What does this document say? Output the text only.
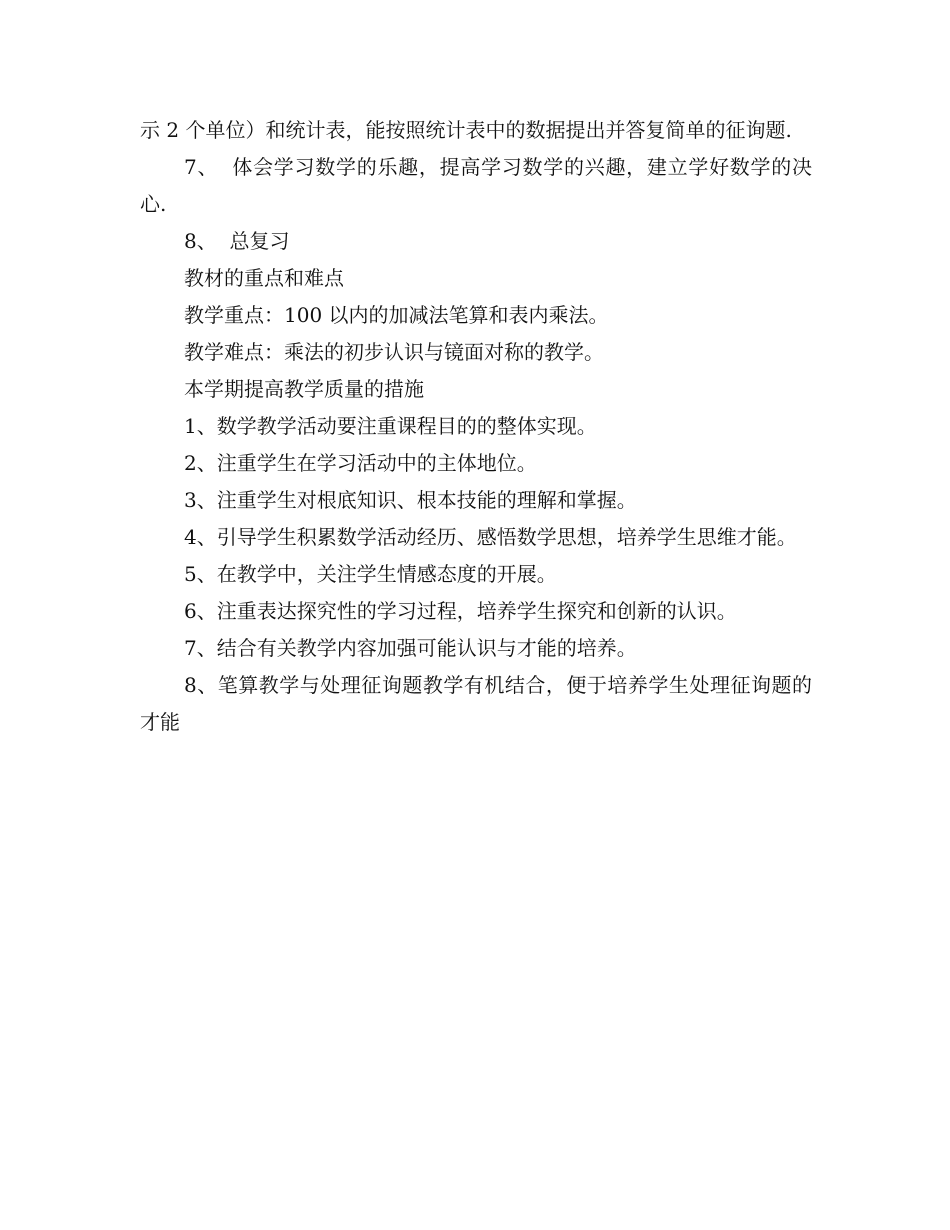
示 2 个单位）和统计表，能按照统计表中的数据提出并答复简单的征询题.

7、  体会学习数学的乐趣，提高学习数学的兴趣，建立学好数学的决心.

8、  总复习

教材的重点和难点

教学重点：100 以内的加减法笔算和表内乘法。

教学难点：乘法的初步认识与镜面对称的教学。

本学期提高教学质量的措施

1、数学教学活动要注重课程目的的整体实现。

2、注重学生在学习活动中的主体地位。

3、注重学生对根底知识、根本技能的理解和掌握。

4、引导学生积累数学活动经历、感悟数学思想，培养学生思维才能。

5、在教学中，关注学生情感态度的开展。

6、注重表达探究性的学习过程，培养学生探究和创新的认识。

7、结合有关教学内容加强可能认识与才能的培养。

8、笔算教学与处理征询题教学有机结合，便于培养学生处理征询题的才能
